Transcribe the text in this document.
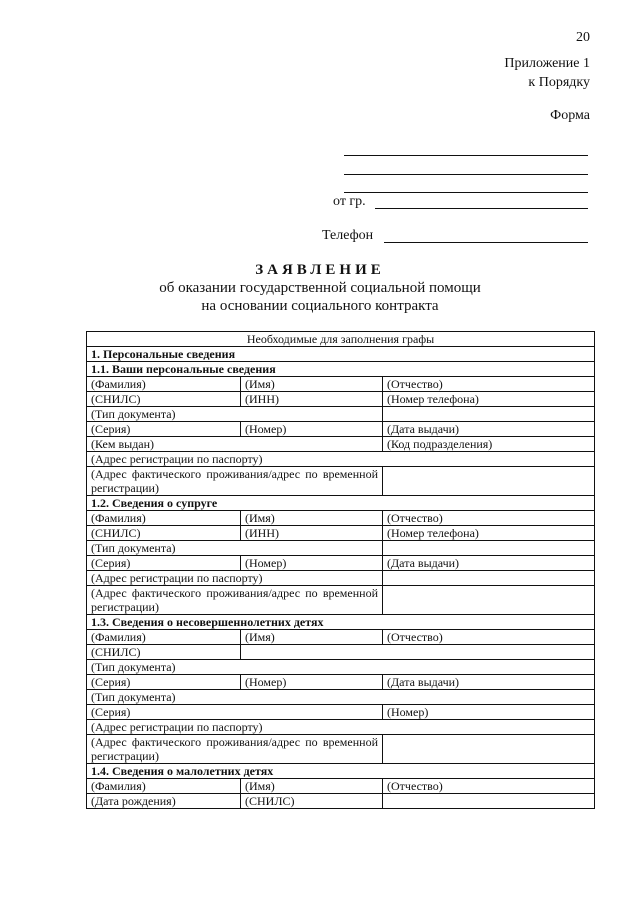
20
Приложение 1
к Порядку
Форма
от гр.
Телефон
ЗАЯВЛЕНИЕ
об оказании государственной социальной помощи
на основании социального контракта
Необходимые для заполнения графы		
1. Персональные сведения		
1.1. Ваши персональные сведения		
(Фамилия)	(Имя)	(Отчество)
(СНИЛС)	(ИНН)	(Номер телефона)
(Тип документа)		
(Серия)	(Номер)	(Дата выдачи)
(Кем выдан)		(Код подразделения)
(Адрес регистрации по паспорту)		
(Адрес фактического проживания/адрес по временной регистрации)		
1.2. Сведения о супруге		
(Фамилия)	(Имя)	(Отчество)
(СНИЛС)	(ИНН)	(Номер телефона)
(Тип документа)		
(Серия)	(Номер)	(Дата выдачи)
(Адрес регистрации по паспорту)		
(Адрес фактического проживания/адрес по временной регистрации)		
1.3. Сведения о несовершеннолетних детях		
(Фамилия)	(Имя)	(Отчество)
(СНИЛС)		
(Тип документа)		
(Серия)	(Номер)	(Дата выдачи)
(Тип документа)		
(Серия)		(Номер)
(Адрес регистрации по паспорту)		
(Адрес фактического проживания/адрес по временной регистрации)		
1.4. Сведения о малолетних детях		
(Фамилия)	(Имя)	(Отчество)
(Дата рождения)	(СНИЛС)	
